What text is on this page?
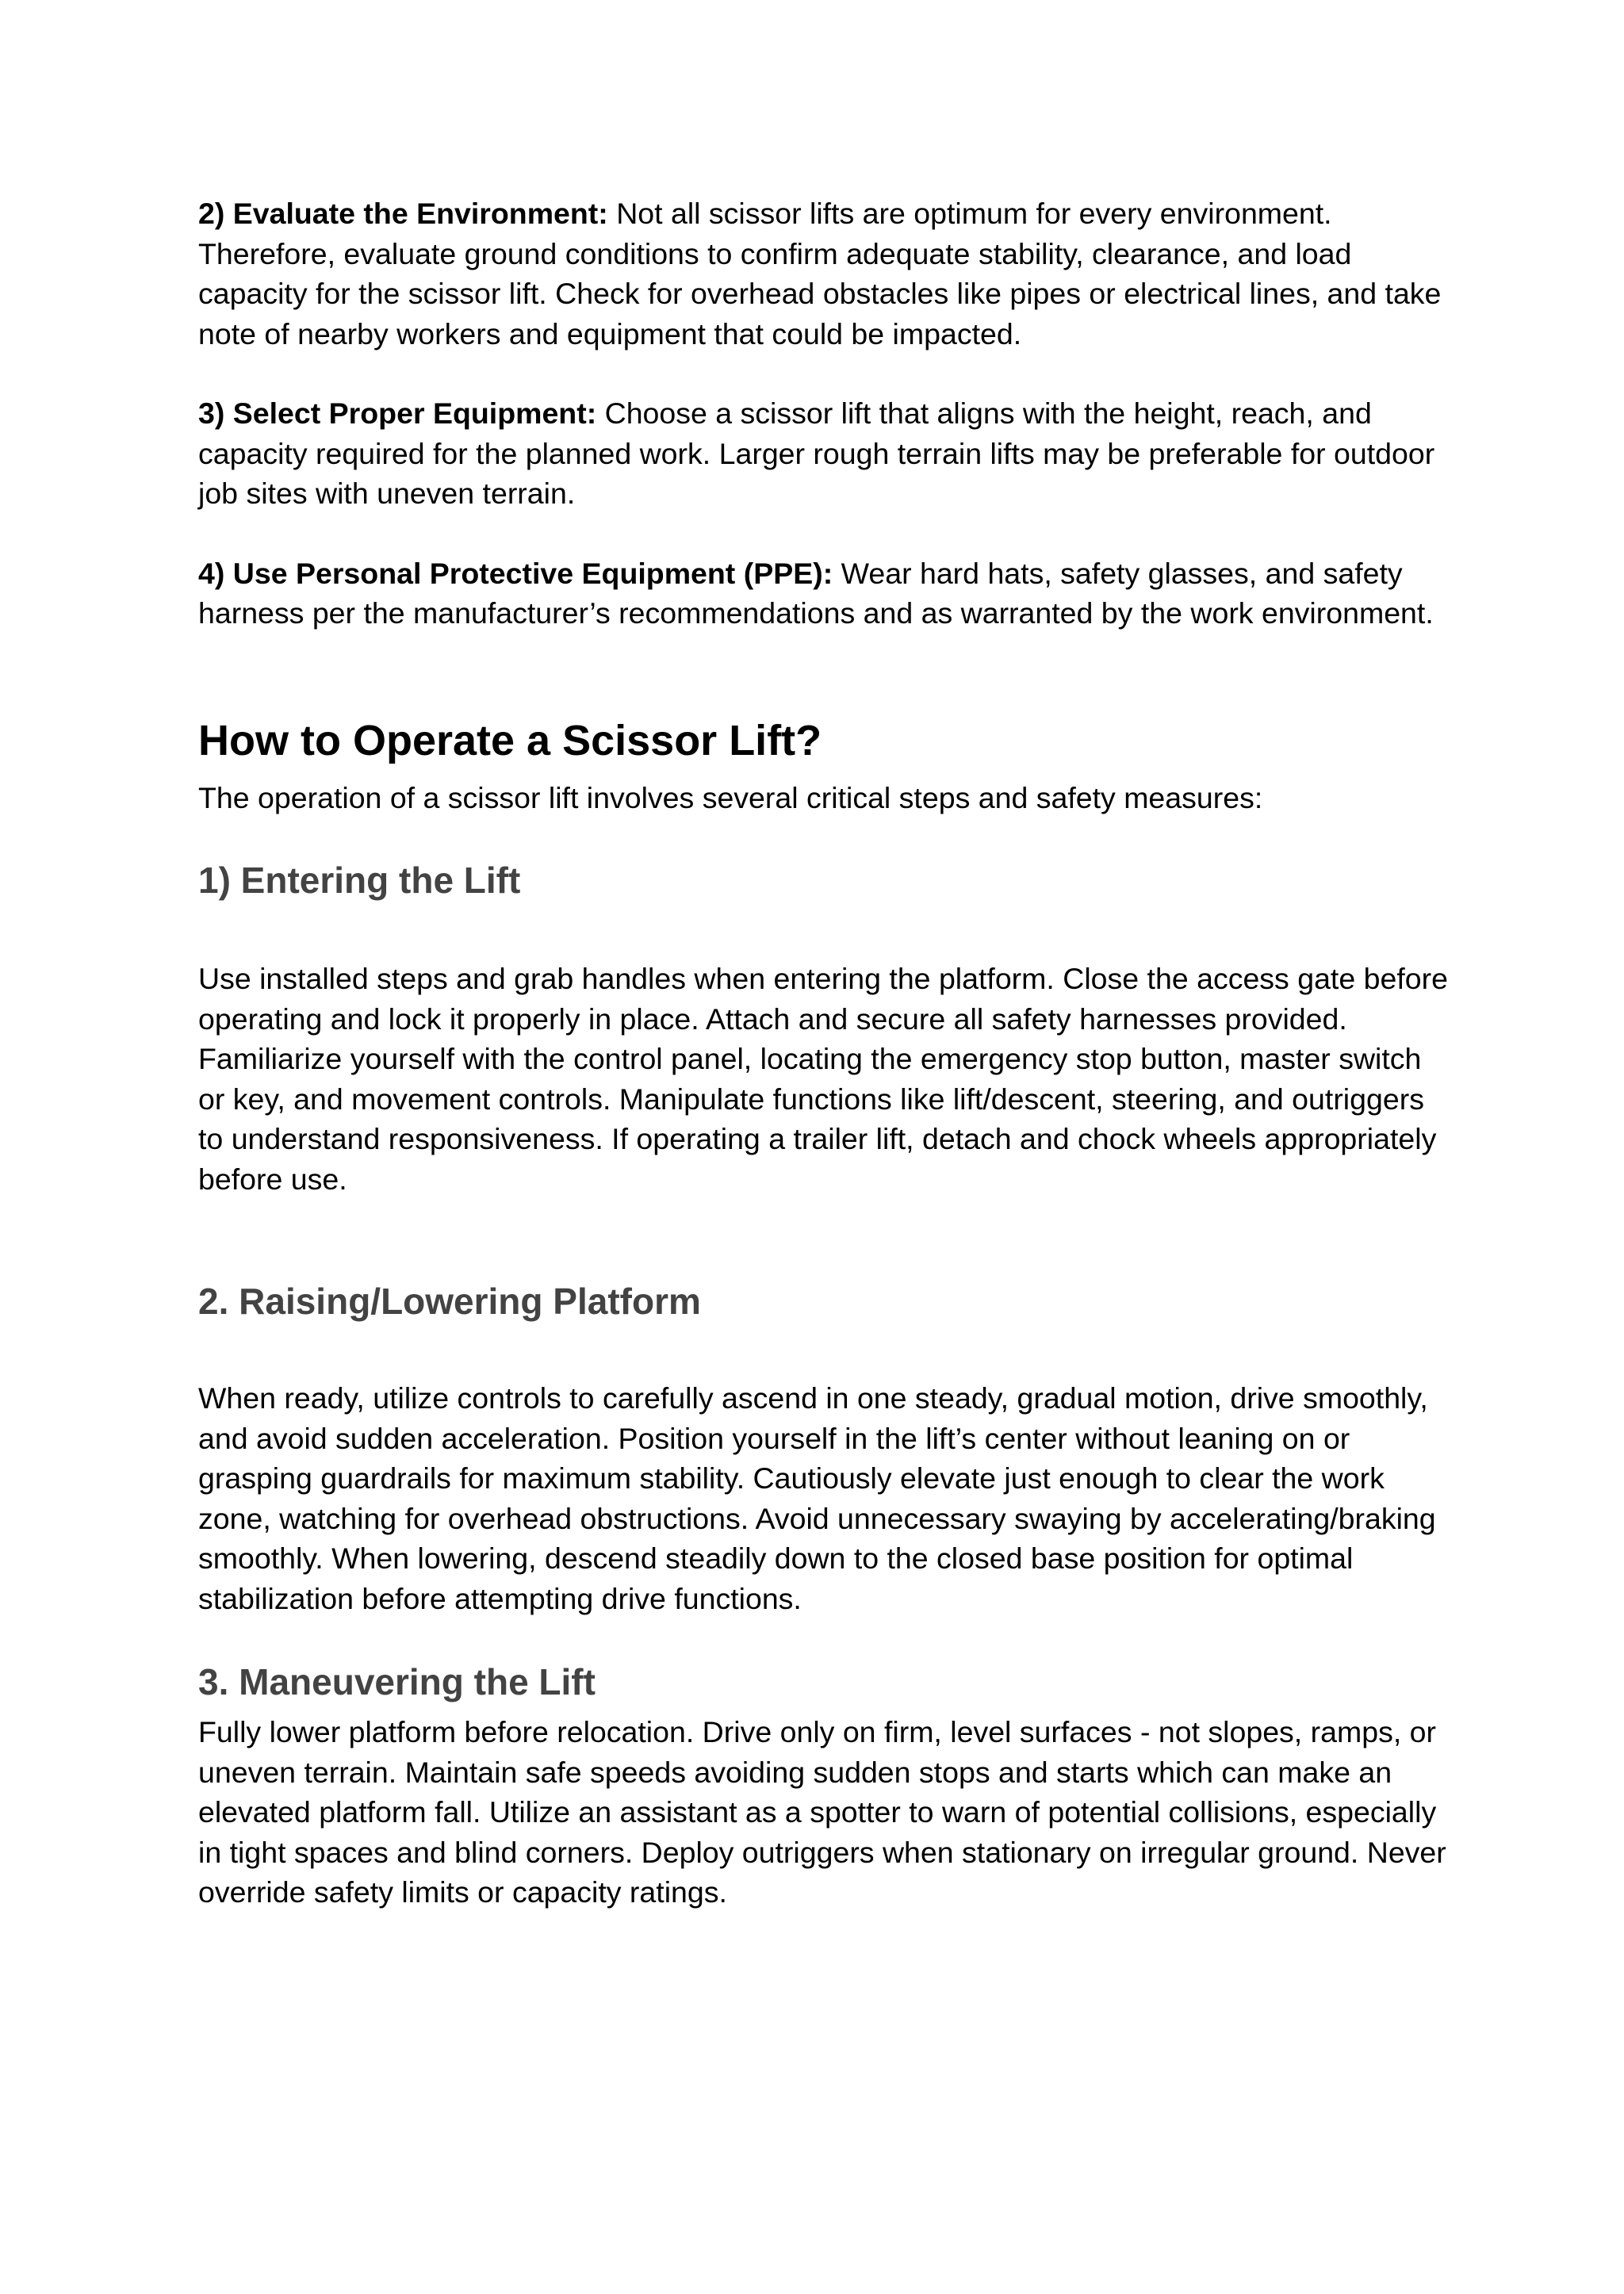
2) Evaluate the Environment: Not all scissor lifts are optimum for every environment. Therefore, evaluate ground conditions to confirm adequate stability, clearance, and load capacity for the scissor lift. Check for overhead obstacles like pipes or electrical lines, and take note of nearby workers and equipment that could be impacted.

3) Select Proper Equipment: Choose a scissor lift that aligns with the height, reach, and capacity required for the planned work. Larger rough terrain lifts may be preferable for outdoor job sites with uneven terrain.

4) Use Personal Protective Equipment (PPE): Wear hard hats, safety glasses, and safety harness per the manufacturer’s recommendations and as warranted by the work environment.

How to Operate a Scissor Lift?

The operation of a scissor lift involves several critical steps and safety measures:

1) Entering the Lift

Use installed steps and grab handles when entering the platform. Close the access gate before operating and lock it properly in place. Attach and secure all safety harnesses provided. Familiarize yourself with the control panel, locating the emergency stop button, master switch or key, and movement controls. Manipulate functions like lift/descent, steering, and outriggers to understand responsiveness. If operating a trailer lift, detach and chock wheels appropriately before use.

2. Raising/Lowering Platform

When ready, utilize controls to carefully ascend in one steady, gradual motion, drive smoothly, and avoid sudden acceleration. Position yourself in the lift’s center without leaning on or grasping guardrails for maximum stability. Cautiously elevate just enough to clear the work zone, watching for overhead obstructions. Avoid unnecessary swaying by accelerating/braking smoothly. When lowering, descend steadily down to the closed base position for optimal stabilization before attempting drive functions.

3. Maneuvering the Lift

Fully lower platform before relocation. Drive only on firm, level surfaces - not slopes, ramps, or uneven terrain. Maintain safe speeds avoiding sudden stops and starts which can make an elevated platform fall. Utilize an assistant as a spotter to warn of potential collisions, especially in tight spaces and blind corners. Deploy outriggers when stationary on irregular ground. Never override safety limits or capacity ratings.
